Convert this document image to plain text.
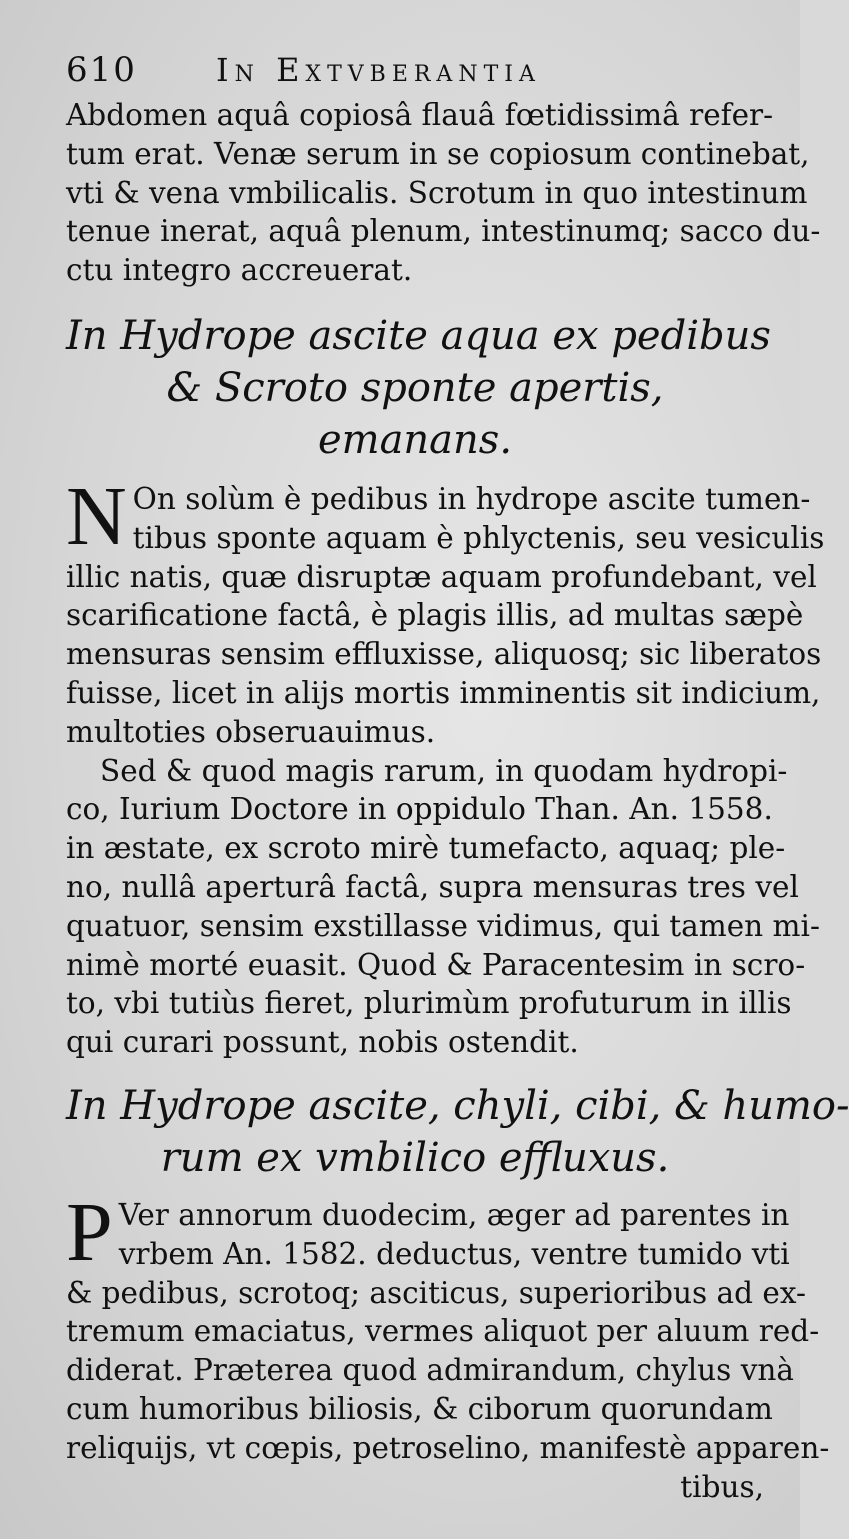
610	In Extvberantia
Abdomen aquâ copiosâ flauâ fœtidissimâ refer-
tum erat. Venæ serum in se copiosum continebat,
vti & vena vmbilicalis. Scrotum in quo intestinum
tenue inerat, aquâ plenum, intestinumq; sacco du-
ctu integro accreuerat.
In Hydrope ascite aqua ex pedibus
& Scroto sponte apertis,
emanans.
N On solùm è pedibus in hydrope ascite tumen-
tibus sponte aquam è phlyctenis, seu vesiculis
illic natis, quæ disruptæ aquam profundebant, vel
scarificatione factâ, è plagis illis, ad multas sæpè
mensuras sensim effluxisse, aliquosq; sic liberatos
fuisse, licet in alijs mortis imminentis sit indicium,
multoties obseruauimus.
Sed & quod magis rarum, in quodam hydropi-
co, Iurium Doctore in oppidulo Than. An. 1558.
in æstate, ex scroto mirè tumefacto, aquaq; ple-
no, nullâ aperturâ factâ, supra mensuras tres vel
quatuor, sensim exstillasse vidimus, qui tamen mi-
nimè morté euasit. Quod & Paracentesim in scro-
to, vbi tutiùs fieret, plurimùm profuturum in illis
qui curari possunt, nobis ostendit.
In Hydrope ascite, chyli, cibi, & humo-
rum ex vmbilico effluxus.
P Ver annorum duodecim, æger ad parentes in
vrbem An. 1582. deductus, ventre tumido vti
& pedibus, scrotoq; asciticus, superioribus ad ex-
tremum emaciatus, vermes aliquot per aluum red-
diderat. Præterea quod admirandum, chylus vnà
cum humoribus biliosis, & ciborum quorundam
reliquijs, vt cœpis, petroselino, manifestè apparen-
tibus,
